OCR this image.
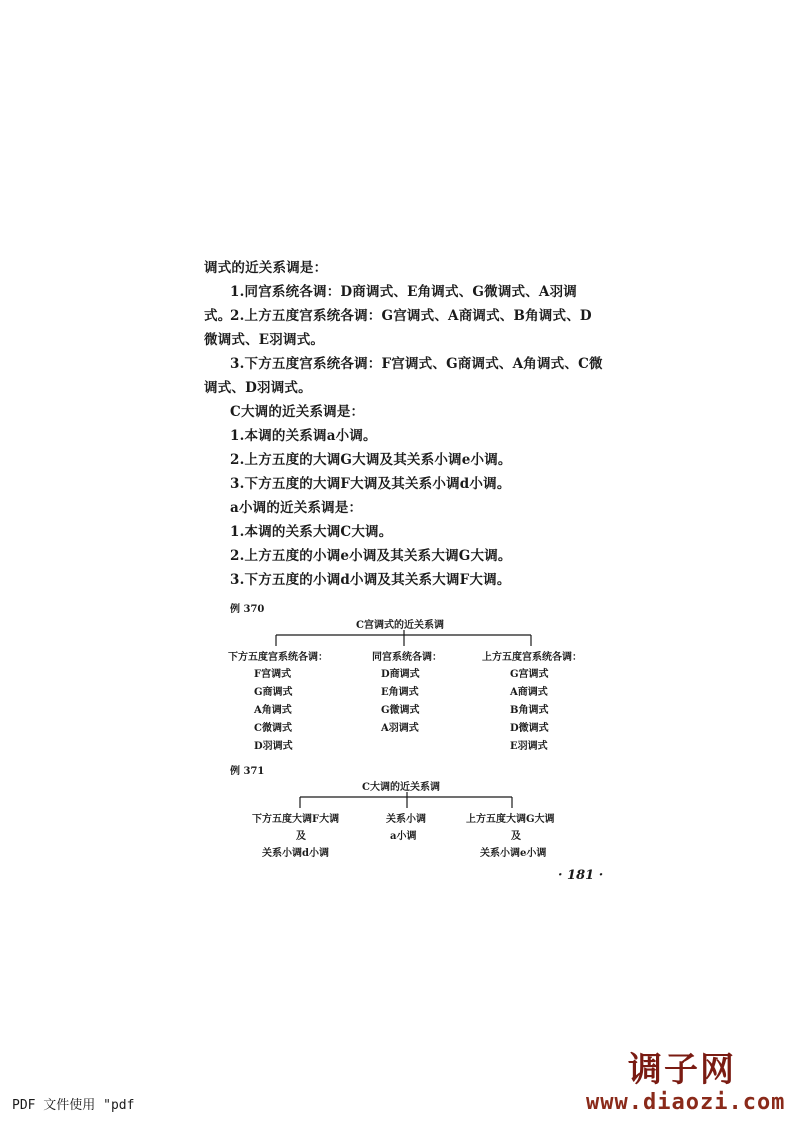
调式的近关系调是：
1.同宫系统各调：D商调式、E角调式、G微调式、A羽调式。
2.上方五度宫系统各调：G宫调式、A商调式、B角调式、D微调式、E羽调式。
3.下方五度宫系统各调：F宫调式、G商调式、A角调式、C微调式、D羽调式。
C大调的近关系调是：
1.本调的关系调a小调。
2.上方五度的大调G大调及其关系小调e小调。
3.下方五度的大调F大调及其关系小调d小调。
a小调的近关系调是：
1.本调的关系大调C大调。
2.上方五度的小调e小调及其关系大调G大调。
3.下方五度的小调d小调及其关系大调F大调。
例 370
C宫调式的近关系调
下方五度宫系统各调：
F宫调式
G商调式
A角调式
C微调式
D羽调式
同宫系统各调：
D商调式
E角调式
G微调式
A羽调式
上方五度宫系统各调：
G宫调式
A商调式
B角调式
D微调式
E羽调式
例 371
C大调的近关系调
下方五度大调F大调
及
关系小调d小调
关系小调
a小调
上方五度大调G大调
及
关系小调e小调
· 181 ·
PDF 文件使用 "pdf
调子网
www.diaozi.com
